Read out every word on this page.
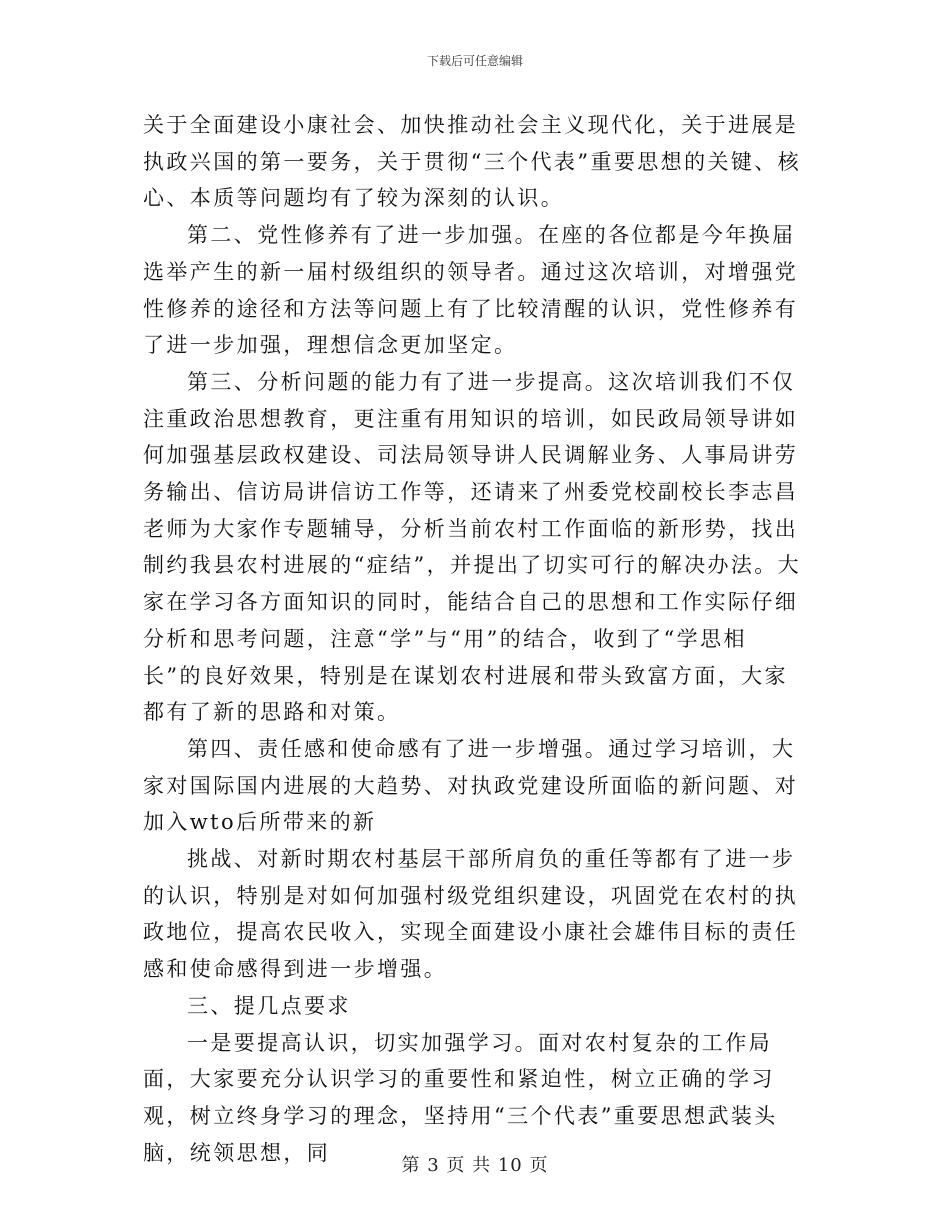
下载后可任意编辑

关于全面建设小康社会、加快推动社会主义现代化，关于进展是执政兴国的第一要务，关于贯彻“三个代表”重要思想的关键、核心、本质等问题均有了较为深刻的认识。

第二、党性修养有了进一步加强。在座的各位都是今年换届选举产生的新一届村级组织的领导者。通过这次培训，对增强党性修养的途径和方法等问题上有了比较清醒的认识，党性修养有了进一步加强，理想信念更加坚定。

第三、分析问题的能力有了进一步提高。这次培训我们不仅注重政治思想教育，更注重有用知识的培训，如民政局领导讲如何加强基层政权建设、司法局领导讲人民调解业务、人事局讲劳务输出、信访局讲信访工作等，还请来了州委党校副校长李志昌老师为大家作专题辅导，分析当前农村工作面临的新形势，找出制约我县农村进展的“症结”，并提出了切实可行的解决办法。大家在学习各方面知识的同时，能结合自己的思想和工作实际仔细分析和思考问题，注意“学”与“用”的结合，收到了“学思相长”的良好效果，特别是在谋划农村进展和带头致富方面，大家都有了新的思路和对策。

第四、责任感和使命感有了进一步增强。通过学习培训，大家对国际国内进展的大趋势、对执政党建设所面临的新问题、对加入wto后所带来的新

挑战、对新时期农村基层干部所肩负的重任等都有了进一步的认识，特别是对如何加强村级党组织建设，巩固党在农村的执政地位，提高农民收入，实现全面建设小康社会雄伟目标的责任感和使命感得到进一步增强。

三、提几点要求

一是要提高认识，切实加强学习。面对农村复杂的工作局面，大家要充分认识学习的重要性和紧迫性，树立正确的学习观，树立终身学习的理念，坚持用“三个代表”重要思想武装头脑，统领思想，同

第 3 页 共 10 页
